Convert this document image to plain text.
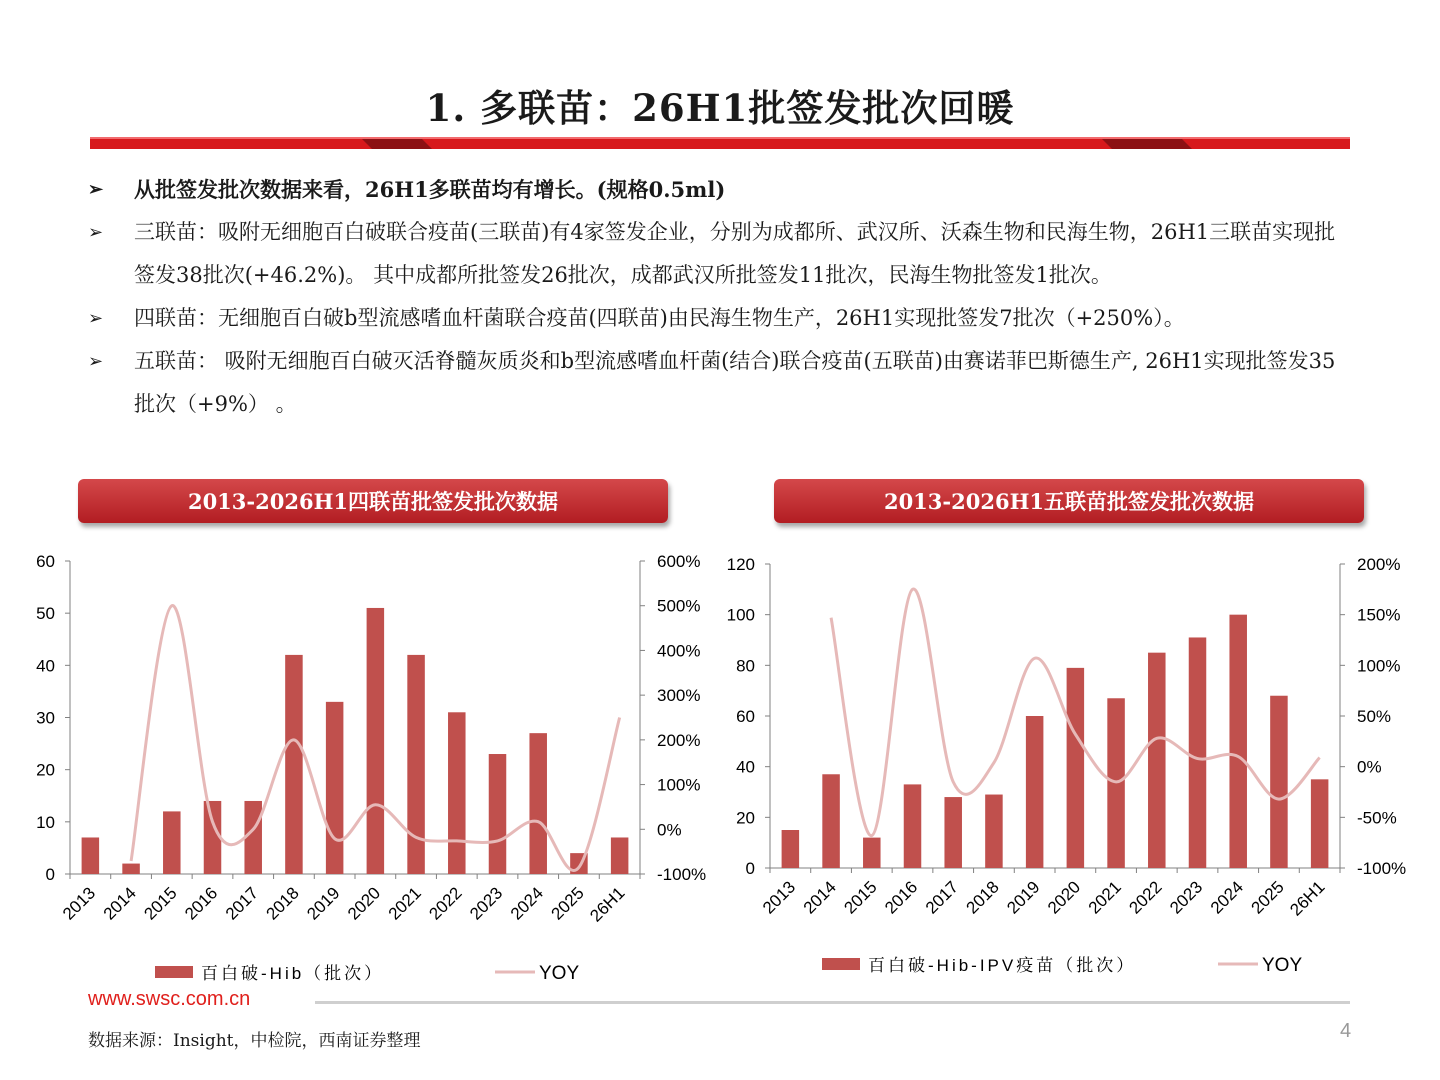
1. 多联苗：26H1批签发批次回暖

➢ 从批签发批次数据来看，26H1多联苗均有增长。(规格0.5ml)

➢ 三联苗：吸附无细胞百白破联合疫苗(三联苗)有4家签发企业，分别为成都所、武汉所、沃森生物和民海生物，26H1三联苗实现批签发38批次(+46.2%)。 其中成都所批签发26批次，成都武汉所批签发11批次，民海生物批签发1批次。

➢ 四联苗：无细胞百白破b型流感嗜血杆菌联合疫苗(四联苗)由民海生物生产，26H1实现批签发7批次（+250%）。

➢ 五联苗： 吸附无细胞百白破灭活脊髓灰质炎和b型流感嗜血杆菌(结合)联合疫苗(五联苗)由赛诺菲巴斯德生产, 26H1实现批签发35批次（+9%） 。

2013-2026H1四联苗批签发批次数据	2013-2026H1五联苗批签发批次数据
0
10
20
30
40
50
60
-100%
0%
100%
200%
300%
400%
500%
600%
2013 2014 2015 2016 2017 2018 2019 2020 2021 2022 2023 2024 2025
26H1
百白破-Hib（批次）	YOY
0
20
40
60
80
100
120
-100%
-50%
0%
50%
100%
150%
200%
2013 2014 2015 2016 2017 2018 2019 2020 2021 2022 2023 2024 2025
26H1
百白破-Hib-IPV疫苗（批次）	YOY
www.swsc.com.cn
数据来源：Insight，中检院，西南证券整理	4
